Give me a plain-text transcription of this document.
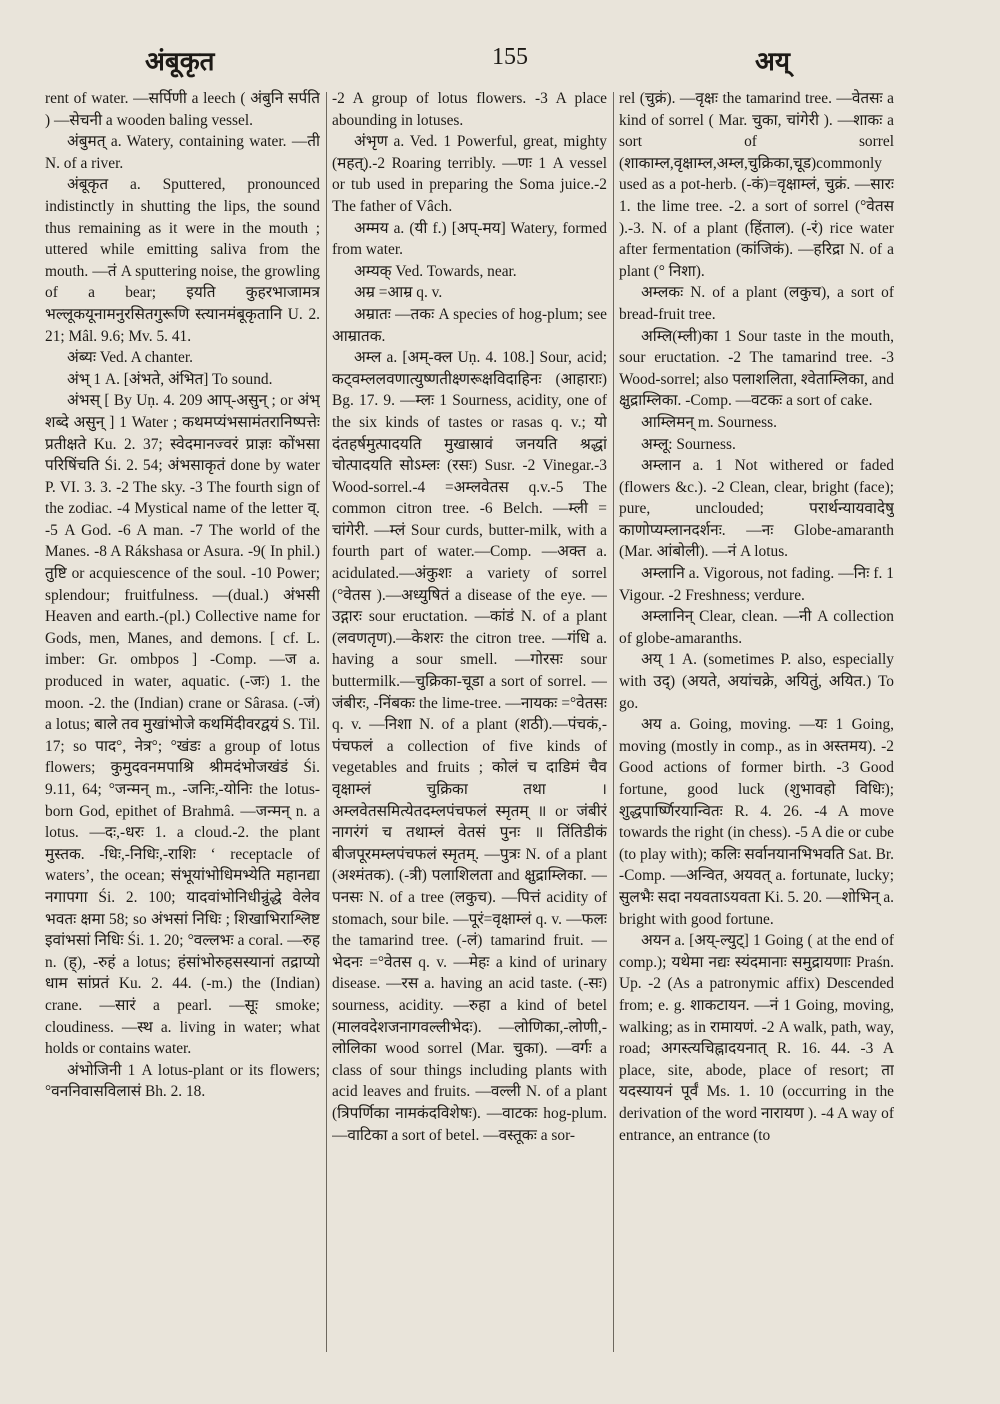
अंबूकृत	155	अय्

rent of water. —सर्पिणी a leech ( अंबुनि सर्पति ) —सेचनी a wooden baling vessel.

अंबुमत् a. Watery, containing water. —ती N. of a river.

अंबूकृत a. Sputtered, pronounced indistinctly in shutting the lips, the sound thus remaining as it were in the mouth ; uttered while emitting saliva from the mouth. —तं A sputtering noise, the growling of a bear; इयति कुहरभाजामत्र भल्लूकयूनामनुरसितगुरूणि स्त्यानमंबूकृतानि U. 2. 21; Mâl. 9.6; Mv. 5. 41.

अंब्यः Ved. A chanter.

अंभ् 1 A. [अंभते, अंभित] To sound.

अंभस् [ By Uṇ. 4. 209 आप्-असुन् ; or अंभ् शब्दे असुन् ] 1 Water ; कथमप्यंभसामंतरानिष्पत्तेः प्रतीक्षते Ku. 2. 37; स्वेदमानज्वरं प्राज्ञः कोंभसा परिषिंचति Śi. 2. 54; अंभसाकृतं done by water P. VI. 3. 3. -2 The sky. -3 The fourth sign of the zodiac. -4 Mystical name of the letter व्. -5 A God. -6 A man. -7 The world of the Manes. -8 A Rákshasa or Asura. -9( In phil.) तुष्टि or acquiescence of the soul. -10 Power; splendour; fruitfulness. —(dual.) अंभसी Heaven and earth.-(pl.) Collective name for Gods, men, Manes, and demons. [ cf. L. imber: Gr. ombpos ] -Comp. —ज a. produced in water, aquatic. (-जः) 1. the moon. -2. the (Indian) crane or Sârasa. (-जं) a lotus; बाले तव मुखांभोजे कथमिंदीवरद्वयं S. Til. 17; so पाद°, नेत्र°; °खंडः a group of lotus flowers; कुमुदवनमपाश्रि श्रीमदंभोजखंडं Śi. 9.11, 64; °जन्मन् m., -जनिः,-योनिः the lotus-born God, epithet of Brahmâ. —जन्मन् n. a lotus. —दः,-धरः 1. a cloud.-2. the plant मुस्तक. -धिः,-निधिः,-राशिः ‘ receptacle of waters’, the ocean; संभूयांभोधिमभ्येति महानद्या नगापगा Śi. 2. 100; यादवांभोनिधीन्रुंद्धे वेलेव भवतः क्षमा 58; so अंभसां निधिः ; शिखाभिराश्लिष्ट इवांभसां निधिः Śi. 1. 20; °वल्लभः a coral. —रुह n. (ह्), -रुहं a lotus; हंसांभोरुहसस्यानां तद्राप्यो धाम सांप्रतं Ku. 2. 44. (-m.) the (Indian) crane. —सारं a pearl. —सूः smoke; cloudiness. —स्थ a. living in water; what holds or contains water.

अंभोजिनी 1 A lotus-plant or its flowers; °वननिवासविलासं Bh. 2. 18.

-2 A group of lotus flowers. -3 A place abounding in lotuses.

अंभृण a. Ved. 1 Powerful, great, mighty (महत्).-2 Roaring terribly. —णः 1 A vessel or tub used in preparing the Soma juice.-2 The father of Vâch.

अम्मय a. (यी f.) [अप्-मय] Watery, formed from water.

अम्यक् Ved. Towards, near.

अम्र =आम्र q. v.

अम्रातः —तकः A species of hog-plum; see आम्रातक.

अम्ल a. [अम्-क्ल Uṇ. 4. 108.] Sour, acid; कट्वम्ललवणात्युष्णतीक्ष्णरूक्षविदाहिनः (आहाराः) Bg. 17. 9. —म्लः 1 Sourness, acidity, one of the six kinds of tastes or rasas q. v.; यो दंतहर्षमुत्पादयति मुखास्रावं जनयति श्रद्धां चोत्पादयति सोऽम्लः (रसः) Susr. -2 Vinegar.-3 Wood-sorrel.-4 =अम्लवेतस q.v.-5 The common citron tree. -6 Belch. —म्ली = चांगेरी. —म्लं Sour curds, butter-milk, with a fourth part of water.—Comp. —अक्त a. acidulated.—अंकुशः a variety of sorrel (°वेतस ).—अध्युषितं a disease of the eye. —उद्गारः sour eructation. —कांडं N. of a plant (लवणतृण).—केशरः the citron tree. —गंधि a. having a sour smell. —गोरसः sour buttermilk.—चुक्रिका-चूडा a sort of sorrel. —जंबीरः, -निंबकः the lime-tree. —नायकः =°वेतसः q. v. —निशा N. of a plant (शठी).—पंचकं,-पंचफलं a collection of five kinds of vegetables and fruits ; कोलं च दाडिमं चैव वृक्षाम्लं चुक्रिका तथा । अम्लवेतसमित्येतदम्लपंचफलं स्मृतम् ॥ or जंबीरं नागरंगं च तथाम्लं वेतसं पुनः ॥ तिंतिडीकं बीजपूरमम्लपंचफलं स्मृतम्. —पुत्रः N. of a plant (अश्मंतक). (-त्री) पलाशिलता and क्षुद्राम्लिका. —पनसः N. of a tree (लकुच). —पित्तं acidity of stomach, sour bile. —पूरं=वृक्षाम्लं q. v. —फलः the tamarind tree. (-लं) tamarind fruit. —भेदनः =°वेतस q. v. —मेहः a kind of urinary disease. —रस a. having an acid taste. (-सः) sourness, acidity. —रुहा a kind of betel (मालवदेशजनागवल्लीभेदः). —लोणिका,-लोणी,-लोलिका wood sorrel (Mar. चुका). —वर्गः a class of sour things including plants with acid leaves and fruits. —वल्ली N. of a plant (त्रिपर्णिका नामकंदविशेषः). —वाटकः hog-plum. —वाटिका a sort of betel. —वस्तूकः a sor-

rel (चुक्रं). —वृक्षः the tamarind tree. —वेतसः a kind of sorrel ( Mar. चुका, चांगेरी ). —शाकः a sort of sorrel (शाकाम्ल,वृक्षाम्ल,अम्ल,चुक्रिका,चूड)commonly used as a pot-herb. (-कं)=वृक्षाम्लं, चुक्रं. —सारः 1. the lime tree. -2. a sort of sorrel (°वेतस ).-3. N. of a plant (हिंताल). (-रं) rice water after fermentation (कांजिकं). —हरिद्रा N. of a plant (° निशा).

अम्लकः N. of a plant (लकुच), a sort of bread-fruit tree.

अम्लि(म्ली)का 1 Sour taste in the mouth, sour eructation. -2 The tamarind tree. -3 Wood-sorrel; also पलाशलिता, श्वेताम्लिका, and क्षुद्राम्लिका. -Comp. —वटकः a sort of cake.

आम्लिमन् m. Sourness.

अम्लू: Sourness.

अम्लान a. 1 Not withered or faded (flowers &c.). -2 Clean, clear, bright (face); pure, unclouded; परार्थन्यायवादेषु काणोप्यम्लानदर्शनः. —नः Globe-amaranth (Mar. आंबोली). —नं A lotus.

अम्लानि a. Vigorous, not fading. —निः f. 1 Vigour. -2 Freshness; verdure.

अम्लानिन् Clear, clean. —नी A collection of globe-amaranths.

अय् 1 A. (sometimes P. also, especially with उद्) (अयते, अयांचक्रे, अयितुं, अयित.) To go.

अय a. Going, moving. —यः 1 Going, moving (mostly in comp., as in अस्तमय). -2 Good actions of former birth. -3 Good fortune, good luck (शुभावहो विधिः); शुद्धपार्ष्णिरयान्वितः R. 4. 26. -4 A move towards the right (in chess). -5 A die or cube (to play with); कलिः सर्वानयानभिभवति Sat. Br. -Comp. —अन्वित, अयवत् a. fortunate, lucky; सुलभैः सदा नयवताऽयवता Ki. 5. 20. —शोभिन् a. bright with good fortune.

अयन a. [अय्-ल्युट्] 1 Going ( at the end of comp.); यथेमा नद्यः स्यंदमानाः समुद्रायणाः Praśn. Up. -2 (As a patronymic affix) Descended from; e. g. शाकटायन. —नं 1 Going, moving, walking; as in रामायणं. -2 A walk, path, way, road; अगस्त्यचिह्नादयनात् R. 16. 44. -3 A place, site, abode, place of resort; ता यदस्यायनं पूर्वं Ms. 1. 10 (occurring in the derivation of the word नारायण ). -4 A way of entrance, an entrance (to
